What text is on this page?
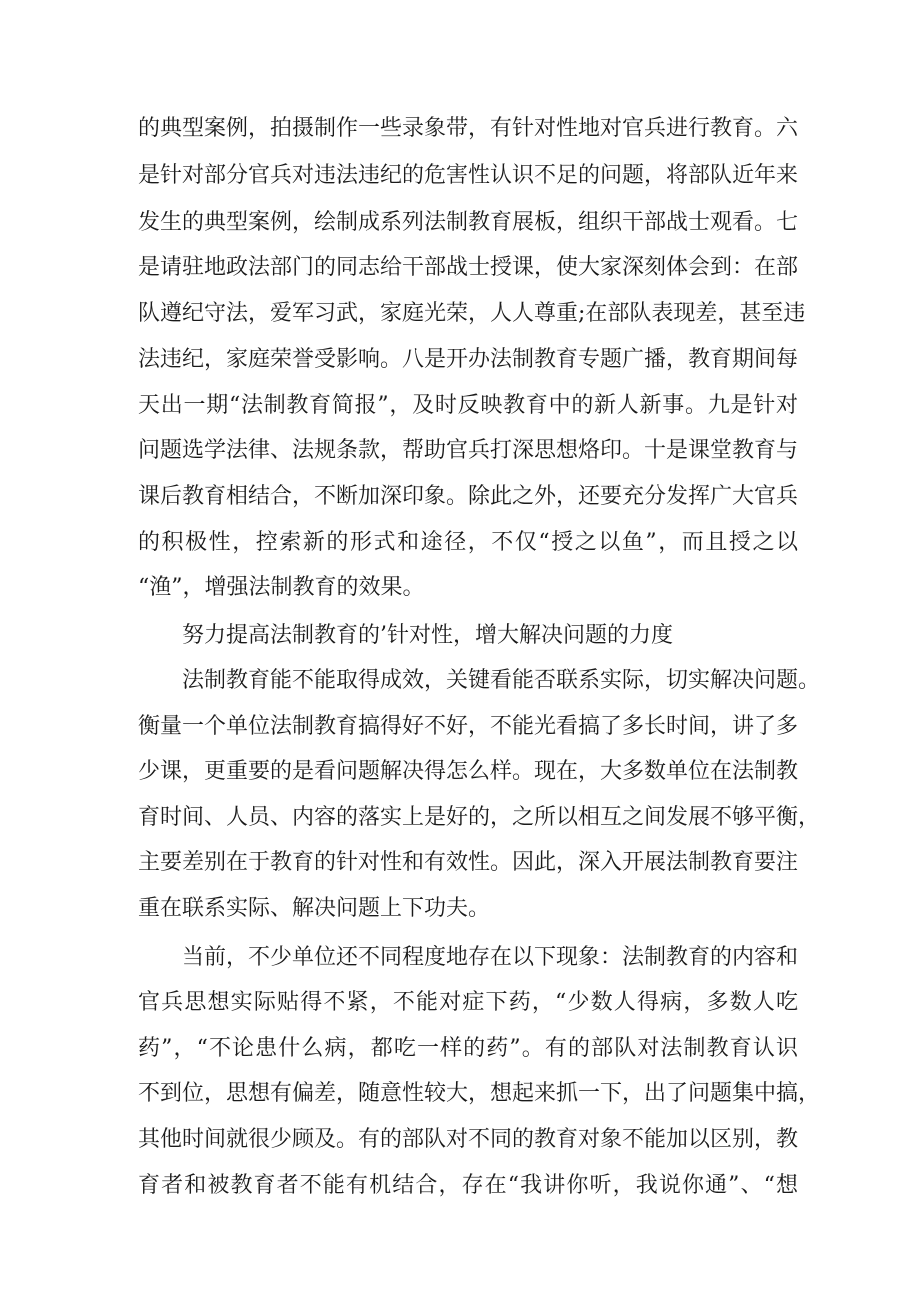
的典型案例，拍摄制作一些录象带，有针对性地对官兵进行教育。六
是针对部分官兵对违法违纪的危害性认识不足的问题，将部队近年来
发生的典型案例，绘制成系列法制教育展板，组织干部战士观看。七
是请驻地政法部门的同志给干部战士授课，使大家深刻体会到：在部
队遵纪守法，爱军习武，家庭光荣，人人尊重;在部队表现差，甚至违
法违纪，家庭荣誉受影响。八是开办法制教育专题广播，教育期间每
天出一期“法制教育简报”，及时反映教育中的新人新事。九是针对
问题选学法律、法规条款，帮助官兵打深思想烙印。十是课堂教育与
课后教育相结合，不断加深印象。除此之外，还要充分发挥广大官兵
的积极性，控索新的形式和途径，不仅“授之以鱼”，而且授之以
“渔”，增强法制教育的效果。
努力提高法制教育的’针对性，增大解决问题的力度
法制教育能不能取得成效，关键看能否联系实际，切实解决问题。
衡量一个单位法制教育搞得好不好，不能光看搞了多长时间，讲了多
少课，更重要的是看问题解决得怎么样。现在，大多数单位在法制教
育时间、人员、内容的落实上是好的，之所以相互之间发展不够平衡，
主要差别在于教育的针对性和有效性。因此，深入开展法制教育要注
重在联系实际、解决问题上下功夫。
当前，不少单位还不同程度地存在以下现象：法制教育的内容和
官兵思想实际贴得不紧，不能对症下药，“少数人得病，多数人吃
药”，“不论患什么病，都吃一样的药”。有的部队对法制教育认识
不到位，思想有偏差，随意性较大，想起来抓一下，出了问题集中搞，
其他时间就很少顾及。有的部队对不同的教育对象不能加以区别，教
育者和被教育者不能有机结合，存在“我讲你听，我说你通”、“想
